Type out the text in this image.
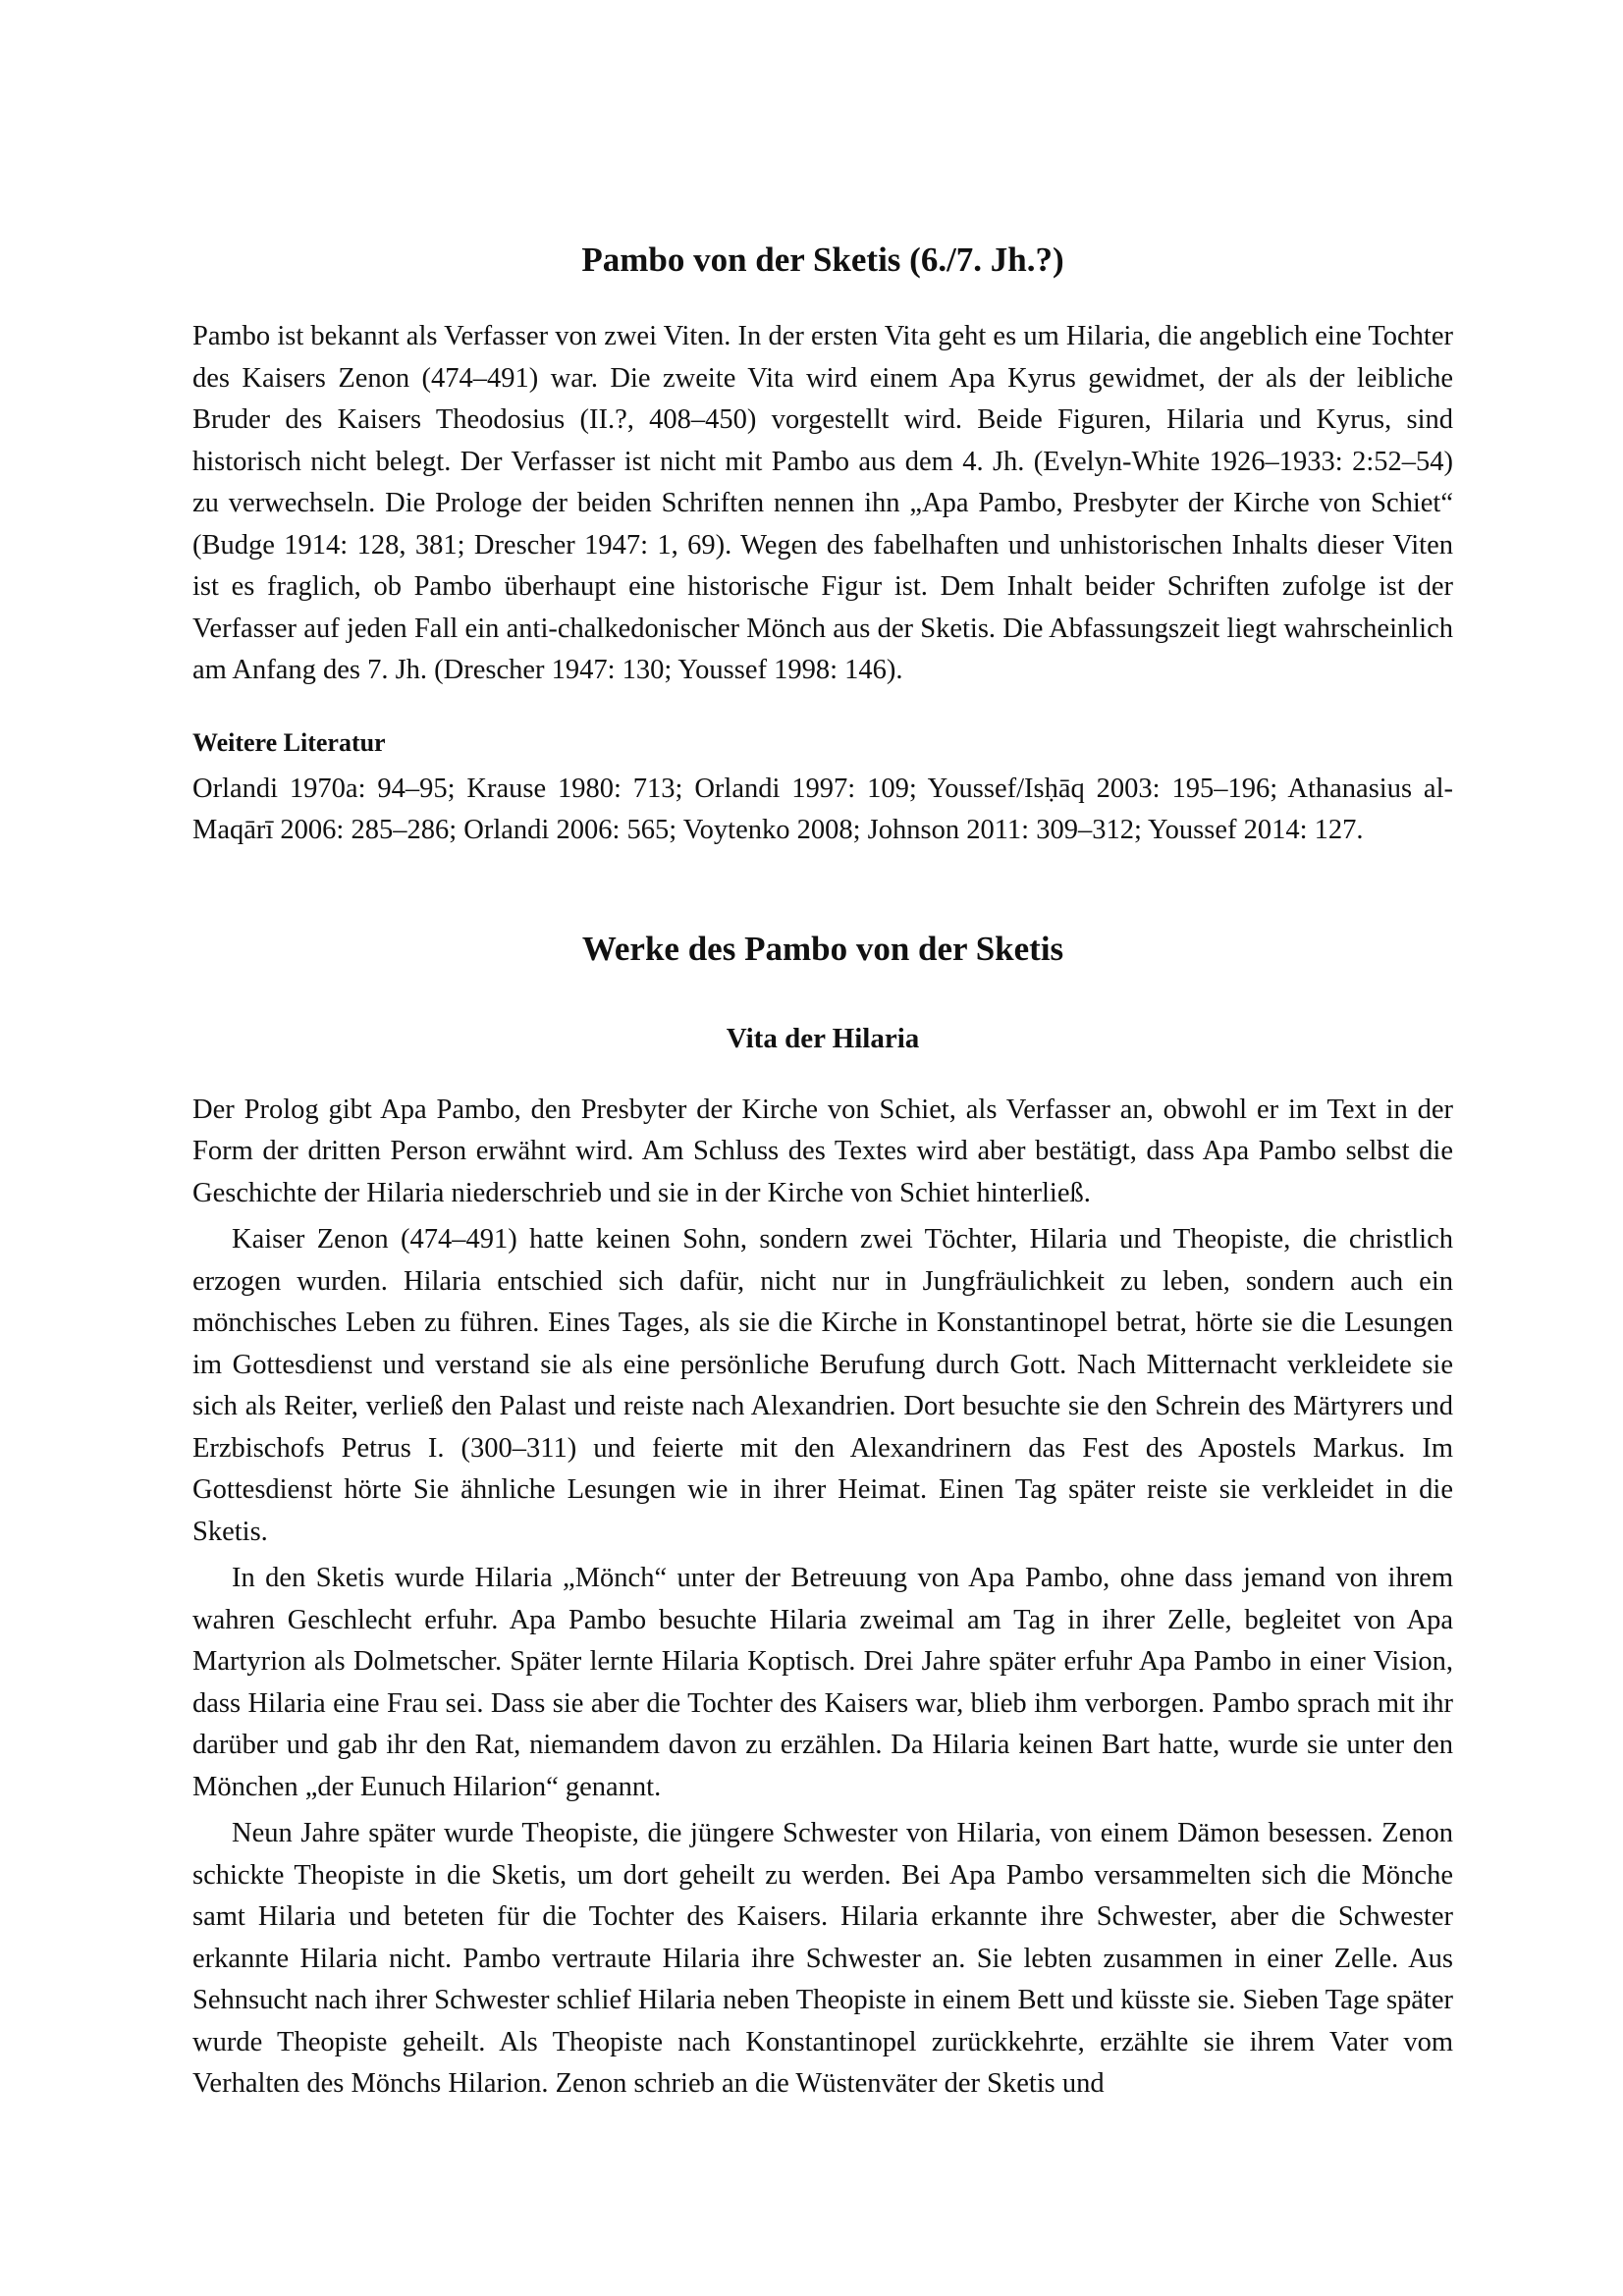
Pambo von der Sketis (6./7. Jh.?)

Pambo ist bekannt als Verfasser von zwei Viten. In der ersten Vita geht es um Hilaria, die angeblich eine Tochter des Kaisers Zenon (474–491) war. Die zweite Vita wird einem Apa Kyrus gewidmet, der als der leibliche Bruder des Kaisers Theodosius (II.?, 408–450) vorgestellt wird. Beide Figuren, Hilaria und Kyrus, sind historisch nicht belegt. Der Verfasser ist nicht mit Pambo aus dem 4. Jh. (Evelyn-White 1926–1933: 2:52–54) zu verwechseln. Die Prologe der beiden Schriften nennen ihn „Apa Pambo, Presbyter der Kirche von Schiet“ (Budge 1914: 128, 381; Drescher 1947: 1, 69). Wegen des fabelhaften und unhistorischen Inhalts dieser Viten ist es fraglich, ob Pambo überhaupt eine historische Figur ist. Dem Inhalt beider Schriften zufolge ist der Verfasser auf jeden Fall ein anti-chalkedonischer Mönch aus der Sketis. Die Abfassungszeit liegt wahrscheinlich am Anfang des 7. Jh. (Drescher 1947: 130; Youssef 1998: 146).

Weitere Literatur

Orlandi 1970a: 94–95; Krause 1980: 713; Orlandi 1997: 109; Youssef/Isḥāq 2003: 195–196; Athanasius al-Maqārī 2006: 285–286; Orlandi 2006: 565; Voytenko 2008; Johnson 2011: 309–312; Youssef 2014: 127.

Werke des Pambo von der Sketis
Vita der Hilaria

Der Prolog gibt Apa Pambo, den Presbyter der Kirche von Schiet, als Verfasser an, obwohl er im Text in der Form der dritten Person erwähnt wird. Am Schluss des Textes wird aber bestätigt, dass Apa Pambo selbst die Geschichte der Hilaria niederschrieb und sie in der Kirche von Schiet hinterließ.

Kaiser Zenon (474–491) hatte keinen Sohn, sondern zwei Töchter, Hilaria und Theopiste, die christlich erzogen wurden. Hilaria entschied sich dafür, nicht nur in Jungfräulichkeit zu leben, sondern auch ein mönchisches Leben zu führen. Eines Tages, als sie die Kirche in Konstantinopel betrat, hörte sie die Lesungen im Gottesdienst und verstand sie als eine persönliche Berufung durch Gott. Nach Mitternacht verkleidete sie sich als Reiter, verließ den Palast und reiste nach Alexandrien. Dort besuchte sie den Schrein des Märtyrers und Erzbischofs Petrus I. (300–311) und feierte mit den Alexandrinern das Fest des Apostels Markus. Im Gottesdienst hörte Sie ähnliche Lesungen wie in ihrer Heimat. Einen Tag später reiste sie verkleidet in die Sketis.

In den Sketis wurde Hilaria „Mönch“ unter der Betreuung von Apa Pambo, ohne dass jemand von ihrem wahren Geschlecht erfuhr. Apa Pambo besuchte Hilaria zweimal am Tag in ihrer Zelle, begleitet von Apa Martyrion als Dolmetscher. Später lernte Hilaria Koptisch. Drei Jahre später erfuhr Apa Pambo in einer Vision, dass Hilaria eine Frau sei. Dass sie aber die Tochter des Kaisers war, blieb ihm verborgen. Pambo sprach mit ihr darüber und gab ihr den Rat, niemandem davon zu erzählen. Da Hilaria keinen Bart hatte, wurde sie unter den Mönchen „der Eunuch Hilarion“ genannt.

Neun Jahre später wurde Theopiste, die jüngere Schwester von Hilaria, von einem Dämon besessen. Zenon schickte Theopiste in die Sketis, um dort geheilt zu werden. Bei Apa Pambo versammelten sich die Mönche samt Hilaria und beteten für die Tochter des Kaisers. Hilaria erkannte ihre Schwester, aber die Schwester erkannte Hilaria nicht. Pambo vertraute Hilaria ihre Schwester an. Sie lebten zusammen in einer Zelle. Aus Sehnsucht nach ihrer Schwester schlief Hilaria neben Theopiste in einem Bett und küsste sie. Sieben Tage später wurde Theopiste geheilt. Als Theopiste nach Konstantinopel zurückkehrte, erzählte sie ihrem Vater vom Verhalten des Mönchs Hilarion. Zenon schrieb an die Wüstenväter der Sketis und
